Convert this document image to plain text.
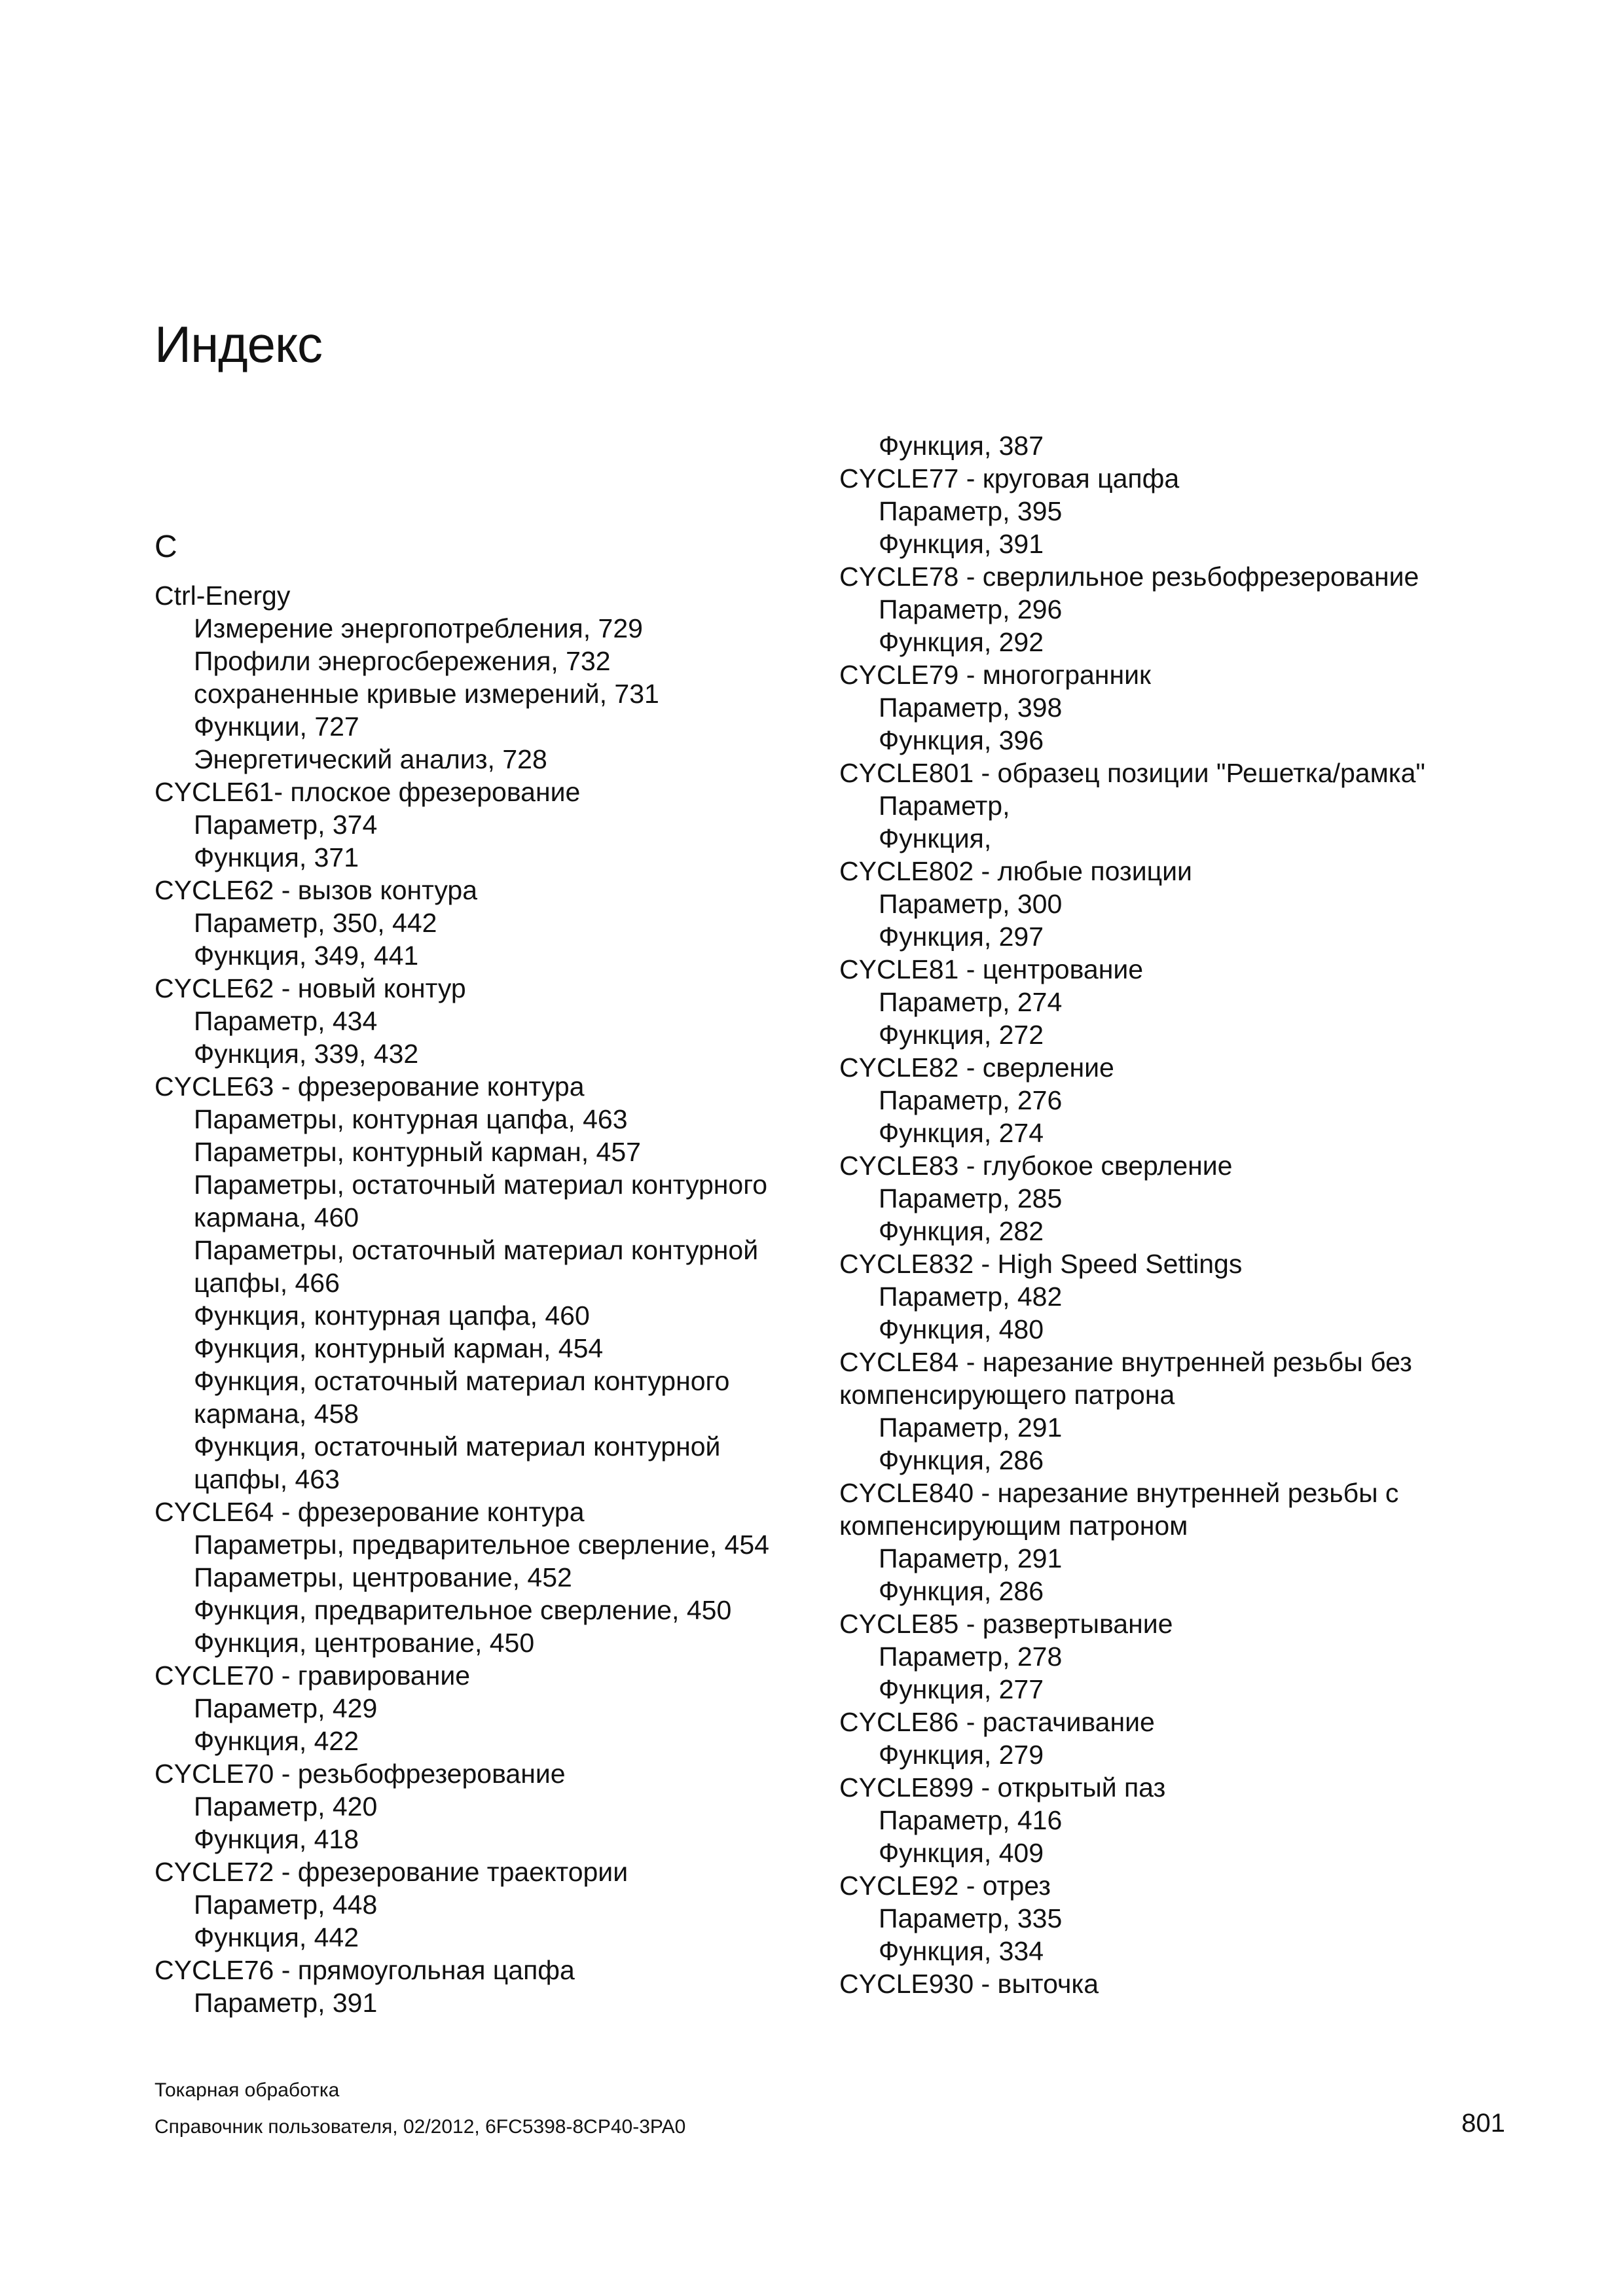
Индекс
C
Ctrl-Energy
Измерение энергопотребления, 729
Профили энергосбережения, 732
сохраненные кривые измерений, 731
Функции, 727
Энергетический анализ, 728
CYCLE61- плоское фрезерование
Параметр, 374
Функция, 371
CYCLE62 - вызов контура
Параметр, 350, 442
Функция, 349, 441
CYCLE62 - новый контур
Параметр, 434
Функция, 339, 432
CYCLE63 - фрезерование контура
Параметры, контурная цапфа, 463
Параметры, контурный карман, 457
Параметры, остаточный материал контурного
кармана, 460
Параметры, остаточный материал контурной
цапфы, 466
Функция, контурная цапфа, 460
Функция, контурный карман, 454
Функция, остаточный материал контурного
кармана, 458
Функция, остаточный материал контурной
цапфы, 463
CYCLE64 - фрезерование контура
Параметры, предварительное сверление, 454
Параметры, центрование, 452
Функция, предварительное сверление, 450
Функция, центрование, 450
CYCLE70 - гравирование
Параметр, 429
Функция, 422
CYCLE70 - резьбофрезерование
Параметр, 420
Функция, 418
CYCLE72 - фрезерование траектории
Параметр, 448
Функция, 442
CYCLE76 - прямоугольная цапфа
Параметр, 391
Функция, 387
CYCLE77 - круговая цапфа
Параметр, 395
Функция, 391
CYCLE78 - сверлильное резьбофрезерование
Параметр, 296
Функция, 292
CYCLE79 - многогранник
Параметр, 398
Функция, 396
CYCLE801 - образец позиции "Решетка/рамка"
Параметр,
Функция,
CYCLE802 - любые позиции
Параметр, 300
Функция, 297
CYCLE81 - центрование
Параметр, 274
Функция, 272
CYCLE82 - сверление
Параметр, 276
Функция, 274
CYCLE83 - глубокое сверление
Параметр, 285
Функция, 282
CYCLE832 - High Speed Settings
Параметр, 482
Функция, 480
CYCLE84 - нарезание внутренней резьбы без
компенсирующего патрона
Параметр, 291
Функция, 286
CYCLE840 - нарезание внутренней резьбы с
компенсирующим патроном
Параметр, 291
Функция, 286
CYCLE85 - развертывание
Параметр, 278
Функция, 277
CYCLE86 - растачивание
Функция, 279
CYCLE899 - открытый паз
Параметр, 416
Функция, 409
CYCLE92 - отрез
Параметр, 335
Функция, 334
CYCLE930 - выточка
Токарная обработка
Справочник пользователя, 02/2012, 6FC5398-8CP40-3PA0	801
